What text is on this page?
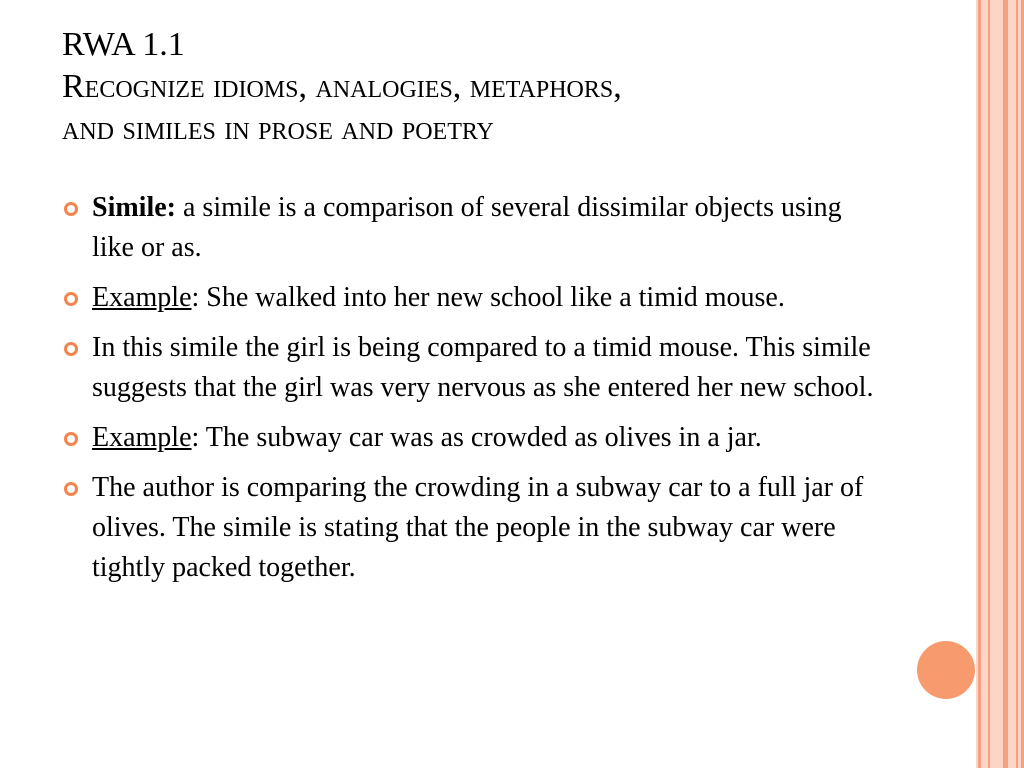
RWA 1.1
Recognize idioms, analogies, metaphors,
and similes in prose and poetry
Simile: a simile is a comparison of several dissimilar objects using like or as.
Example: She walked into her new school like a timid mouse.
In this simile the girl is being compared to a timid mouse. This simile suggests that the girl was very nervous as she entered her new school.
Example: The subway car was as crowded as olives in a jar.
The author is comparing the crowding in a subway car to a full jar of olives. The simile is stating that the people in the subway car were tightly packed together.
